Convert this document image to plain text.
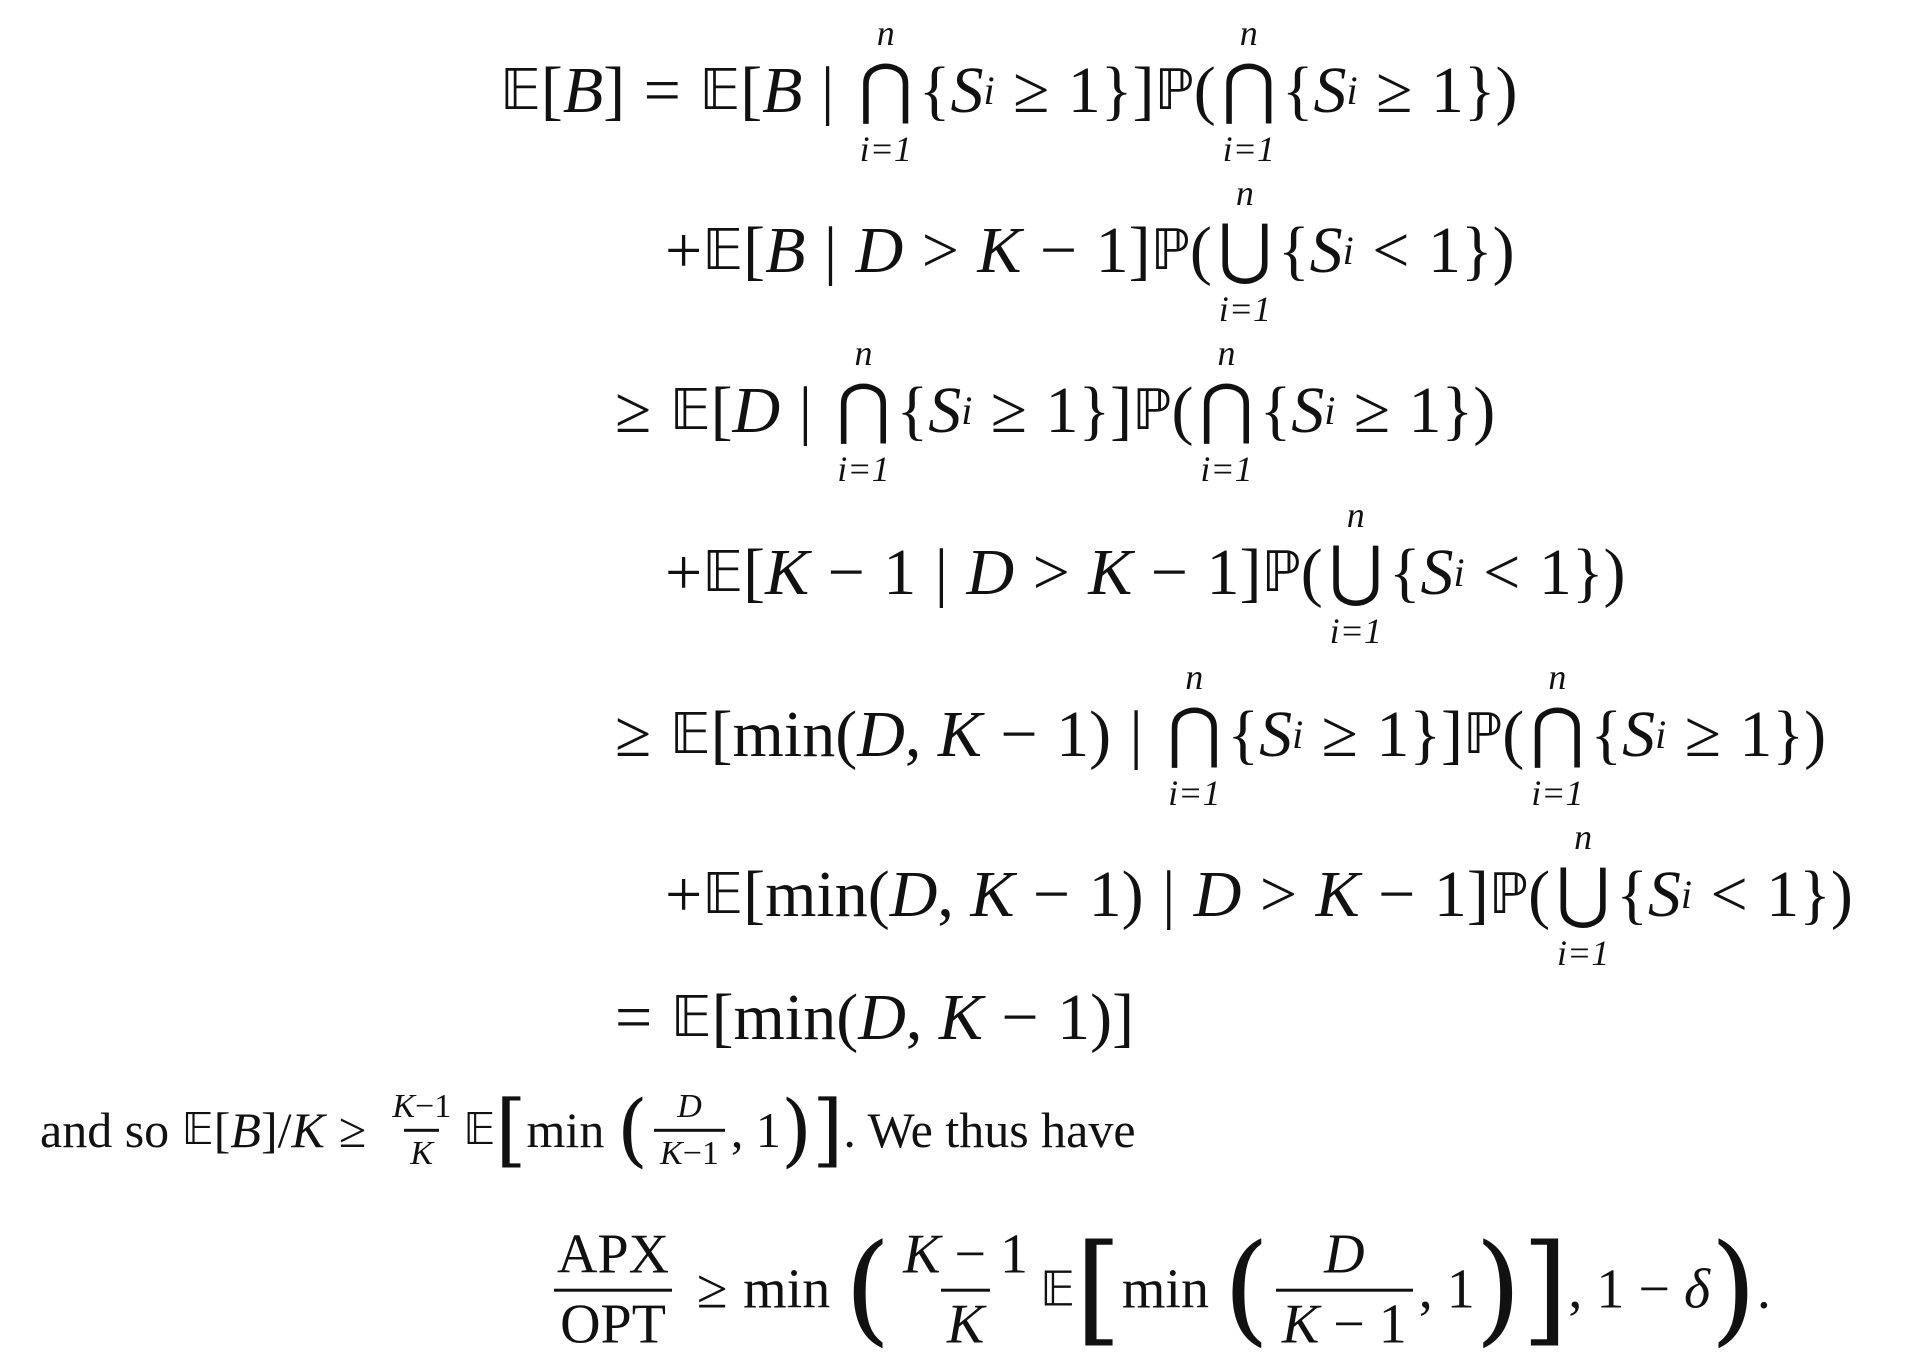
𝔼 [ B ] = 𝔼 [ B |
n
⋂
i=1
{ S i ≥ 1}] ℙ (
n
⋂
i=1
{ S i ≥ 1})
+ 𝔼 [ B | D > K − 1] ℙ (
n
⋃
i=1
{ S i < 1})
≥ 𝔼 [ D |
n
⋂
i=1
{ S i ≥ 1}] ℙ (
n
⋂
i=1
{ S i ≥ 1})
+ 𝔼 [ K − 1 | D > K − 1] ℙ (
n
⋃
i=1
{ S i < 1})
≥ 𝔼 [ min ( D , K − 1) |
n
⋂
i=1
{ S i ≥ 1}] ℙ (
n
⋂
i=1
{ S i ≥ 1})
+ 𝔼 [ min ( D , K − 1) | D > K − 1] ℙ (
n
⋃
i=1
{ S i < 1})
= 𝔼 [ min ( D , K − 1)]
and so
𝔼 [ B ]/ $K \ge \frac{K-1}{K}$ 𝔼 [ min
( $\frac{D}{K-1}$ , 1 ) ] . We thus have
$\frac{\text{APX}}{\text{OPT}} \ge \min$
( $\frac{K - 1}{K}$ 𝔼 [ min
( $\frac{D}{K - 1}$ , 1 ) ] , 1 − δ ) .
